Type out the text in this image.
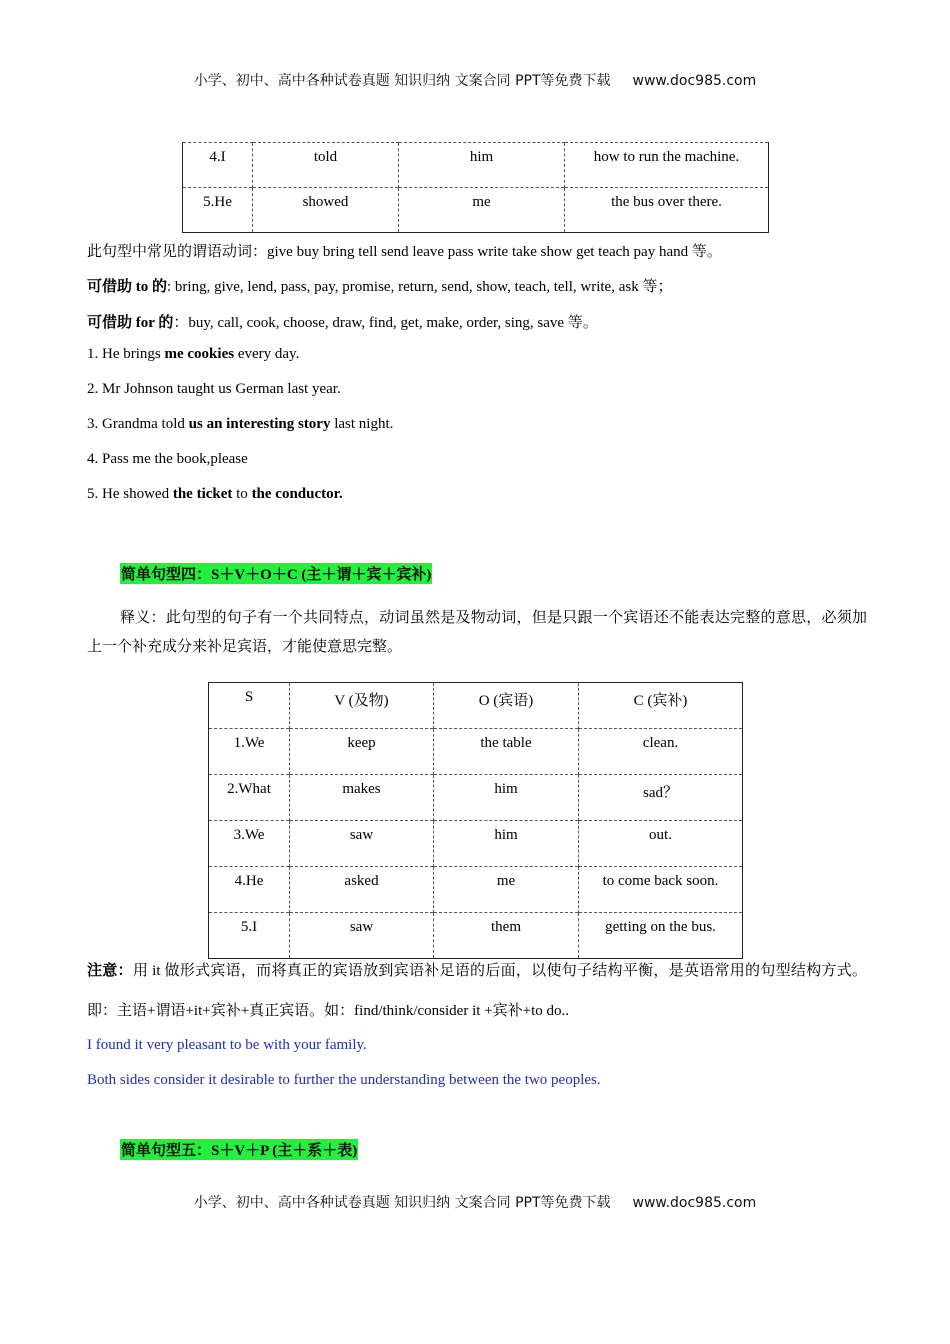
小学、初中、高中各种试卷真题 知识归纳 文案合同 PPT等免费下载 www.doc985.com
4.I	told	him	how to run the machine.
5.He	showed	me	the bus over there.
此句型中常见的谓语动词：give buy bring tell send leave pass write take show get teach pay hand 等。
可借助 to 的: bring, give, lend, pass, pay, promise, return, send, show, teach, tell, write, ask 等；
可借助 for 的：buy, call, cook, choose, draw, find, get, make, order, sing, save 等。
1. He brings me cookies every day.
2. Mr Johnson taught us German last year.
3. Grandma told us an interesting story last night.
4. Pass me the book,please
5. He showed the ticket to the conductor.
简单句型四：S＋V＋O＋C (主＋谓＋宾＋宾补)
释义：此句型的句子有一个共同特点，动词虽然是及物动词，但是只跟一个宾语还不能表达完整的意思，必须加上一个补充成分来补足宾语，才能使意思完整。
S	V (及物)	O (宾语)	C (宾补)
1.We	keep	the table	clean.
2.What	makes	him	sad？
3.We	saw	him	out.
4.He	asked	me	to come back soon.
5.I	saw	them	getting on the bus.
注意：用 it 做形式宾语，而将真正的宾语放到宾语补足语的后面，以使句子结构平衡，是英语常用的句型结构方式。即：主语+谓语+it+宾补+真正宾语。如：find/think/consider it +宾补+to do..
I found it very pleasant to be with your family.
Both sides consider it desirable to further the understanding between the two peoples.
简单句型五：S＋V＋P (主＋系＋表)
小学、初中、高中各种试卷真题 知识归纳 文案合同 PPT等免费下载 www.doc985.com
